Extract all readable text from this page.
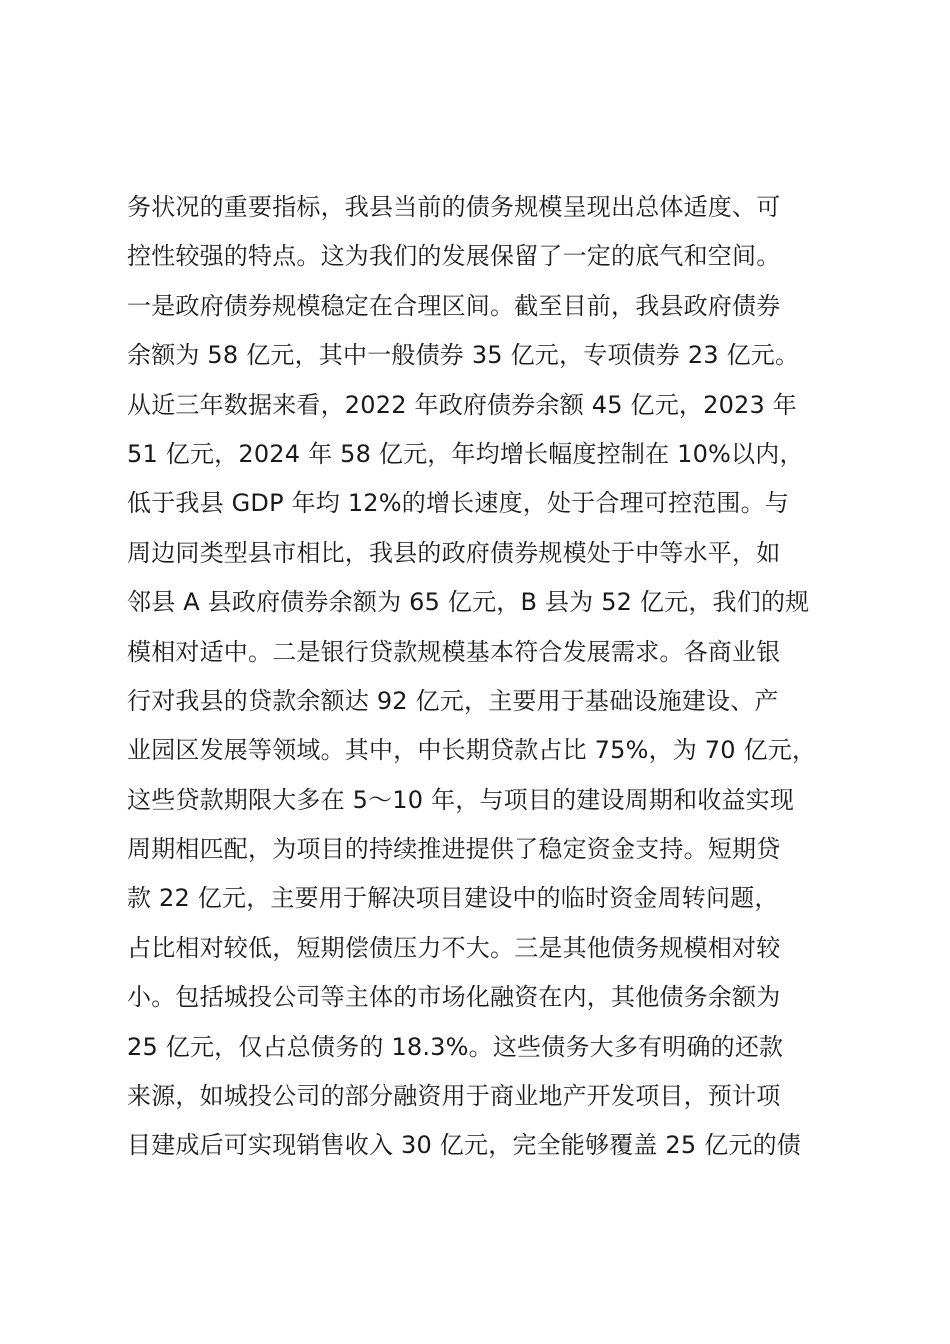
务状况的重要指标，我县当前的债务规模呈现出总体适度、可
控性较强的特点。这为我们的发展保留了一定的底气和空间。
一是政府债券规模稳定在合理区间。截至目前，我县政府债券
余额为 58 亿元，其中一般债券 35 亿元，专项债券 23 亿元。
从近三年数据来看，2022 年政府债券余额 45 亿元，2023 年
51 亿元，2024 年 58 亿元，年均增长幅度控制在 10%以内，
低于我县 GDP 年均 12%的增长速度，处于合理可控范围。与
周边同类型县市相比，我县的政府债券规模处于中等水平，如
邻县 A 县政府债券余额为 65 亿元，B 县为 52 亿元，我们的规
模相对适中。二是银行贷款规模基本符合发展需求。各商业银
行对我县的贷款余额达 92 亿元，主要用于基础设施建设、产
业园区发展等领域。其中，中长期贷款占比 75%，为 70 亿元，
这些贷款期限大多在 5～10 年，与项目的建设周期和收益实现
周期相匹配，为项目的持续推进提供了稳定资金支持。短期贷
款 22 亿元，主要用于解决项目建设中的临时资金周转问题，
占比相对较低，短期偿债压力不大。三是其他债务规模相对较
小。包括城投公司等主体的市场化融资在内，其他债务余额为
25 亿元，仅占总债务的 18.3%。这些债务大多有明确的还款
来源，如城投公司的部分融资用于商业地产开发项目，预计项
目建成后可实现销售收入 30 亿元，完全能够覆盖 25 亿元的债
